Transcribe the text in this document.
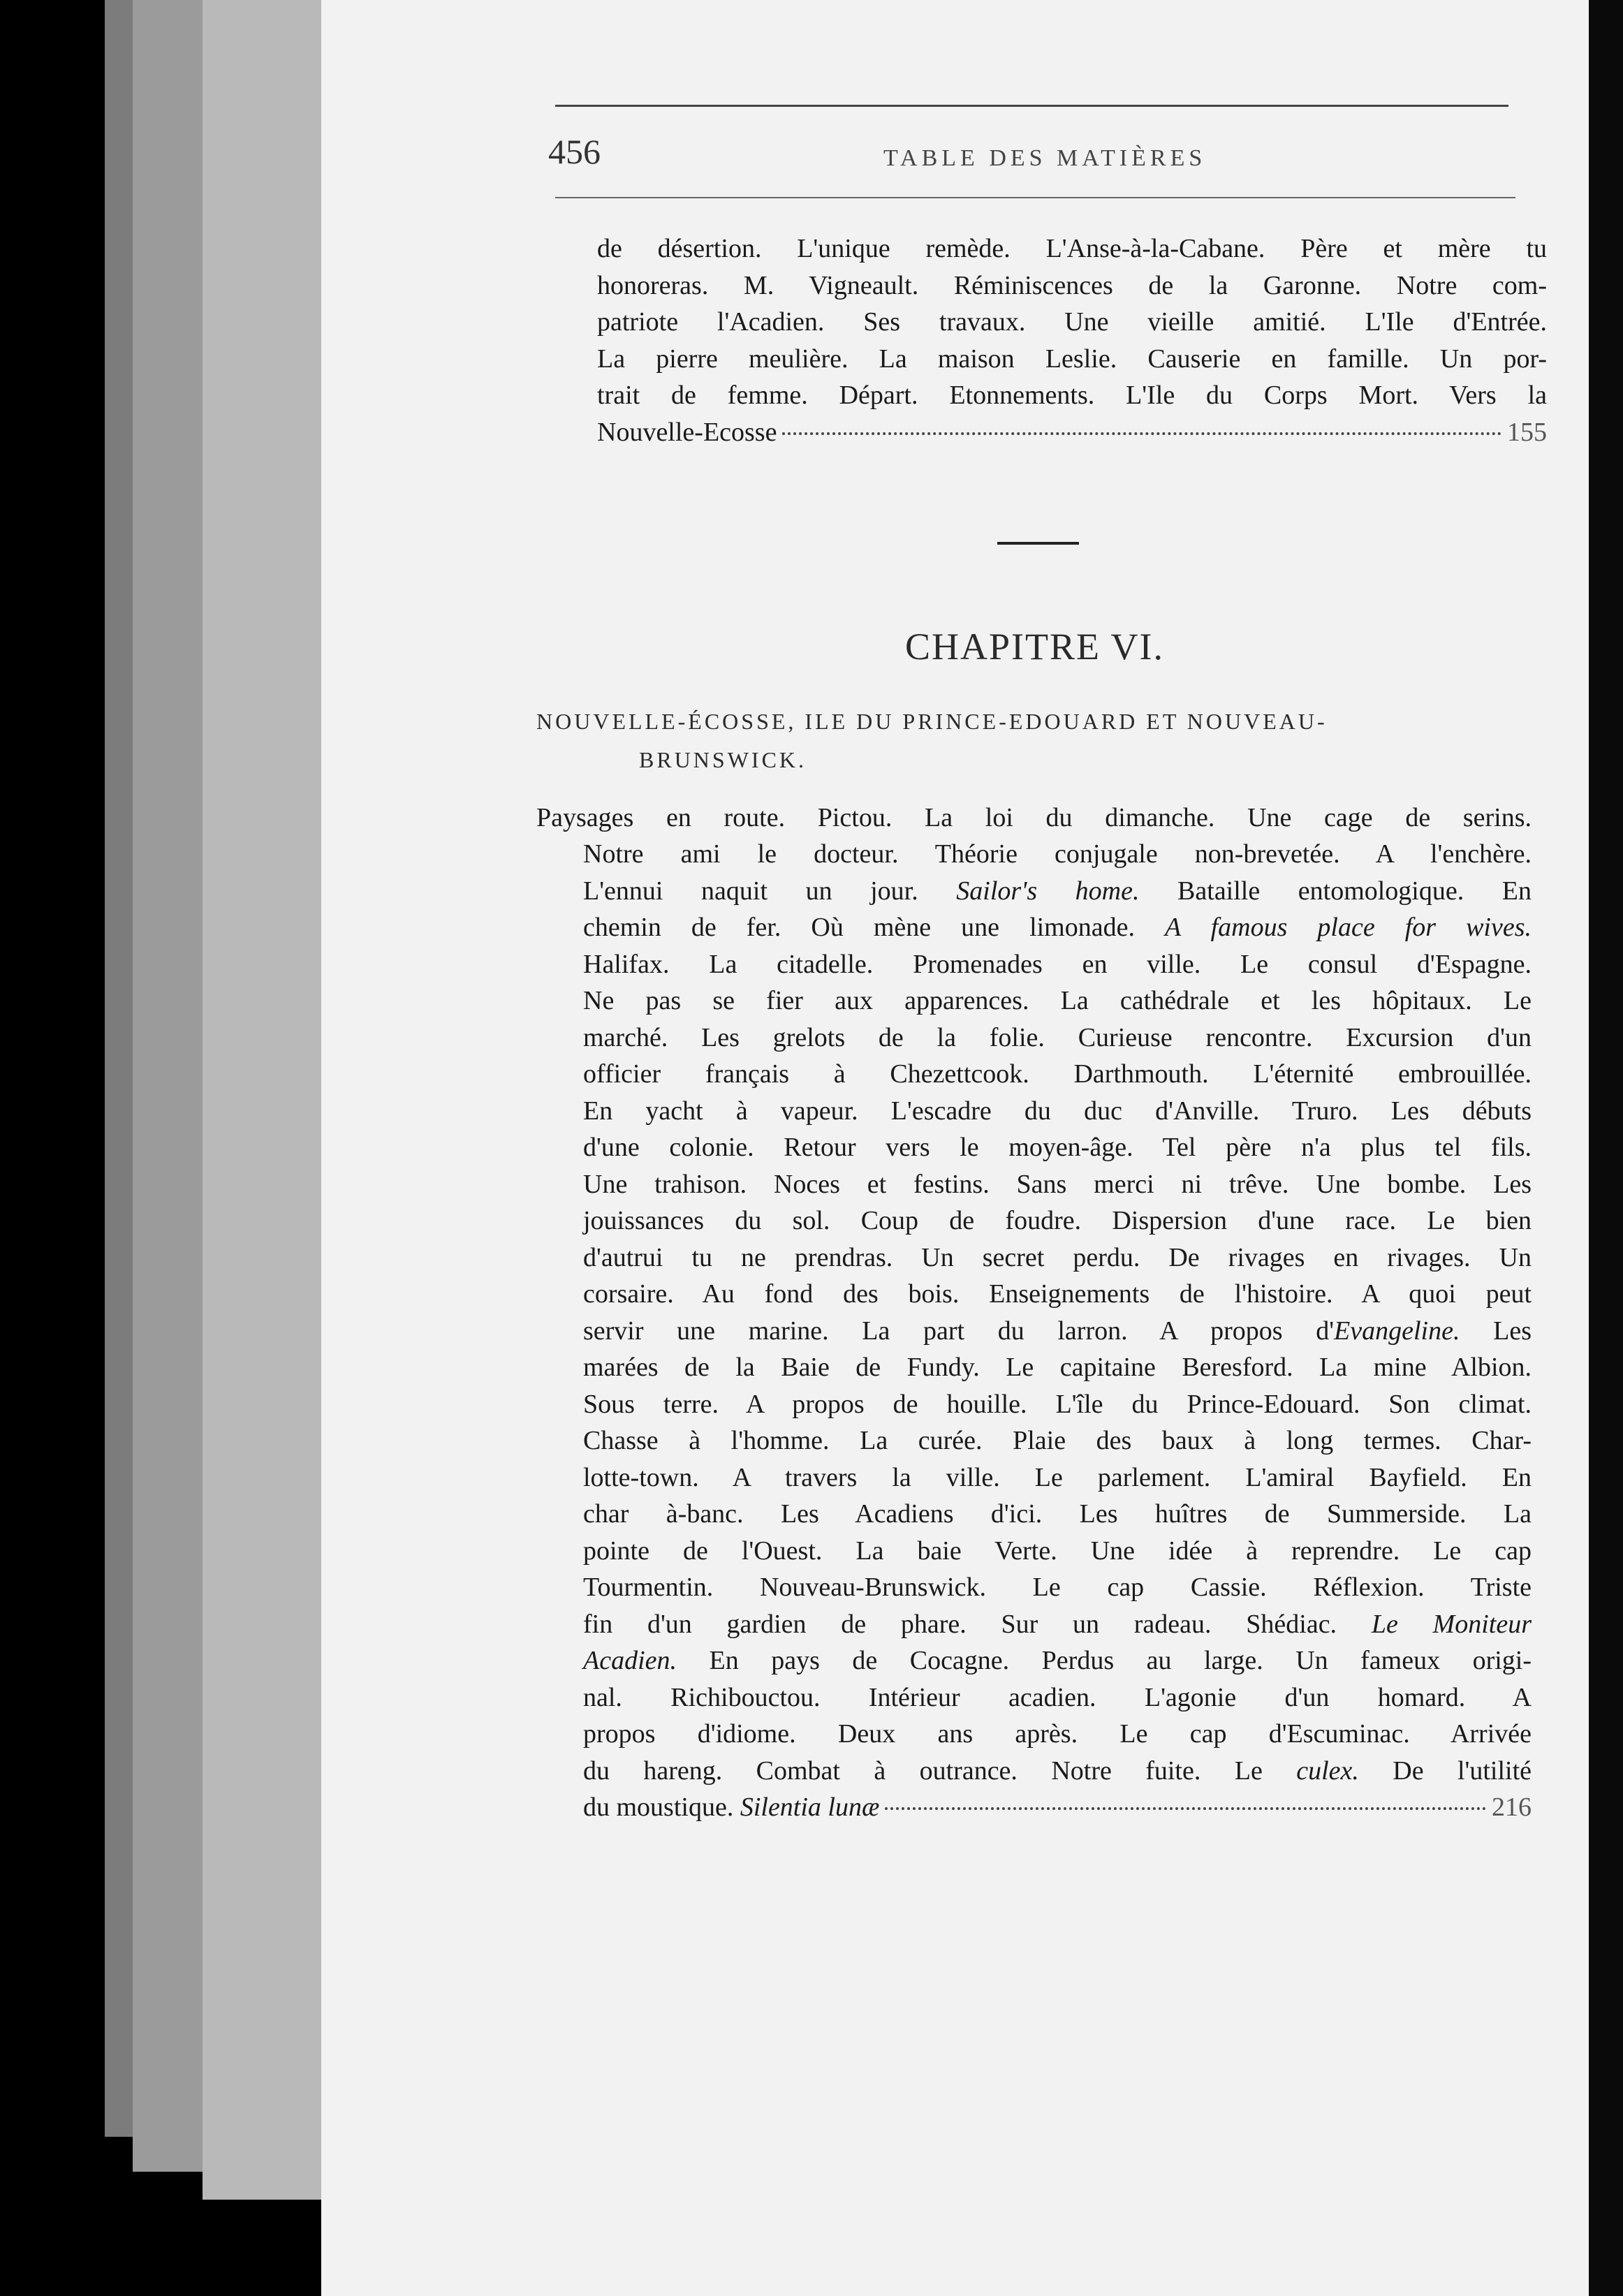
456	TABLE DES MATIÈRES
de désertion. L'unique remède. L'Anse-à-la-Cabane. Père et mère tu
honoreras. M. Vigneault. Réminiscences de la Garonne. Notre com-
patriote l'Acadien. Ses travaux. Une vieille amitié. L'Ile d'Entrée.
La pierre meulière. La maison Leslie. Causerie en famille. Un por-
trait de femme. Départ. Etonnements. L'Ile du Corps Mort. Vers la
Nouvelle-Ecosse	155
CHAPITRE VI.
NOUVELLE-ÉCOSSE, ILE DU PRINCE-EDOUARD ET NOUVEAU-
BRUNSWICK.
Paysages en route. Pictou. La loi du dimanche. Une cage de serins.
Notre ami le docteur. Théorie conjugale non-brevetée. A l'enchère.
L'ennui naquit un jour. Sailor's home. Bataille entomologique. En
chemin de fer. Où mène une limonade. A famous place for wives.
Halifax. La citadelle. Promenades en ville. Le consul d'Espagne.
Ne pas se fier aux apparences. La cathédrale et les hôpitaux. Le
marché. Les grelots de la folie. Curieuse rencontre. Excursion d'un
officier français à Chezettcook. Darthmouth. L'éternité embrouillée.
En yacht à vapeur. L'escadre du duc d'Anville. Truro. Les débuts
d'une colonie. Retour vers le moyen-âge. Tel père n'a plus tel fils.
Une trahison. Noces et festins. Sans merci ni trêve. Une bombe. Les
jouissances du sol. Coup de foudre. Dispersion d'une race. Le bien
d'autrui tu ne prendras. Un secret perdu. De rivages en rivages. Un
corsaire. Au fond des bois. Enseignements de l'histoire. A quoi peut
servir une marine. La part du larron. A propos d'Evangeline. Les
marées de la Baie de Fundy. Le capitaine Beresford. La mine Albion.
Sous terre. A propos de houille. L'île du Prince-Edouard. Son climat.
Chasse à l'homme. La curée. Plaie des baux à long termes. Char-
lotte-town. A travers la ville. Le parlement. L'amiral Bayfield. En
char à-banc. Les Acadiens d'ici. Les huîtres de Summerside. La
pointe de l'Ouest. La baie Verte. Une idée à reprendre. Le cap
Tourmentin. Nouveau-Brunswick. Le cap Cassie. Réflexion. Triste
fin d'un gardien de phare. Sur un radeau. Shédiac. Le Moniteur
Acadien. En pays de Cocagne. Perdus au large. Un fameux origi-
nal. Richibouctou. Intérieur acadien. L'agonie d'un homard. A
propos d'idiome. Deux ans après. Le cap d'Escuminac. Arrivée
du hareng. Combat à outrance. Notre fuite. Le culex. De l'utilité
du moustique.
Silentia lunæ	216
